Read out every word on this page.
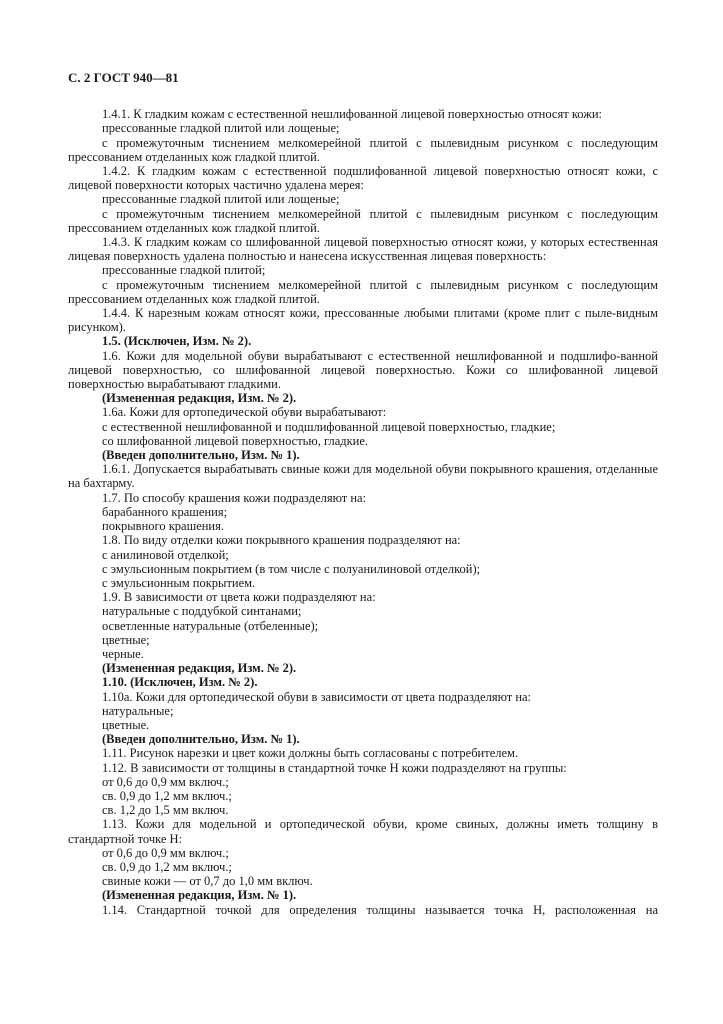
С. 2 ГОСТ 940—81

1.4.1. К гладким кожам с естественной нешлифованной лицевой поверхностью относят кожи:

прессованные гладкой плитой или лощеные;

с промежуточным тиснением мелкомерейной плитой с пылевидным рисунком с последующим прессованием отделанных кож гладкой плитой.

1.4.2. К гладким кожам с естественной подшлифованной лицевой поверхностью относят кожи, с лицевой поверхности которых частично удалена мерея:

прессованные гладкой плитой или лощеные;

с промежуточным тиснением мелкомерейной плитой с пылевидным рисунком с последующим прессованием отделанных кож гладкой плитой.

1.4.3. К гладким кожам со шлифованной лицевой поверхностью относят кожи, у которых естественная лицевая поверхность удалена полностью и нанесена искусственная лицевая поверхность:

прессованные гладкой плитой;

с промежуточным тиснением мелкомерейной плитой с пылевидным рисунком с последующим прессованием отделанных кож гладкой плитой.

1.4.4. К нарезным кожам относят кожи, прессованные любыми плитами (кроме плит с пыле-видным рисунком).

1.5. (Исключен, Изм. № 2).

1.6. Кожи для модельной обуви вырабатывают с естественной нешлифованной и подшлифо-ванной лицевой поверхностью, со шлифованной лицевой поверхностью. Кожи со шлифованной лицевой поверхностью вырабатывают гладкими.

(Измененная редакция, Изм. № 2).

1.6а. Кожи для ортопедической обуви вырабатывают:

с естественной нешлифованной и подшлифованной лицевой поверхностью, гладкие;

со шлифованной лицевой поверхностью, гладкие.

(Введен дополнительно, Изм. № 1).

1.6.1. Допускается вырабатывать свиные кожи для модельной обуви покрывного крашения, отделанные на бахтарму.

1.7. По способу крашения кожи подразделяют на:

барабанного крашения;

покрывного крашения.

1.8. По виду отделки кожи покрывного крашения подразделяют на:

с анилиновой отделкой;

с эмульсионным покрытием (в том числе с полуанилиновой отделкой);

с эмульсионным покрытием.

1.9. В зависимости от цвета кожи подразделяют на:

натуральные с поддубкой синтанами;

осветленные натуральные (отбеленные);

цветные;

черные.

(Измененная редакция, Изм. № 2).

1.10. (Исключен, Изм. № 2).

1.10а. Кожи для ортопедической обуви в зависимости от цвета подразделяют на:

натуральные;

цветные.

(Введен дополнительно, Изм. № 1).

1.11. Рисунок нарезки и цвет кожи должны быть согласованы с потребителем.

1.12. В зависимости от толщины в стандартной точке Н кожи подразделяют на группы:

от 0,6 до 0,9 мм включ.;

св. 0,9 до 1,2 мм включ.;

св. 1,2 до 1,5 мм включ.

1.13. Кожи для модельной и ортопедической обуви, кроме свиных, должны иметь толщину в стандартной точке Н:

от 0,6 до 0,9 мм включ.;

св. 0,9 до 1,2 мм включ.;

свиные кожи — от 0,7 до 1,0 мм включ.

(Измененная редакция, Изм. № 1).

1.14. Стандартной точкой для определения толщины называется точка Н, расположенная на
